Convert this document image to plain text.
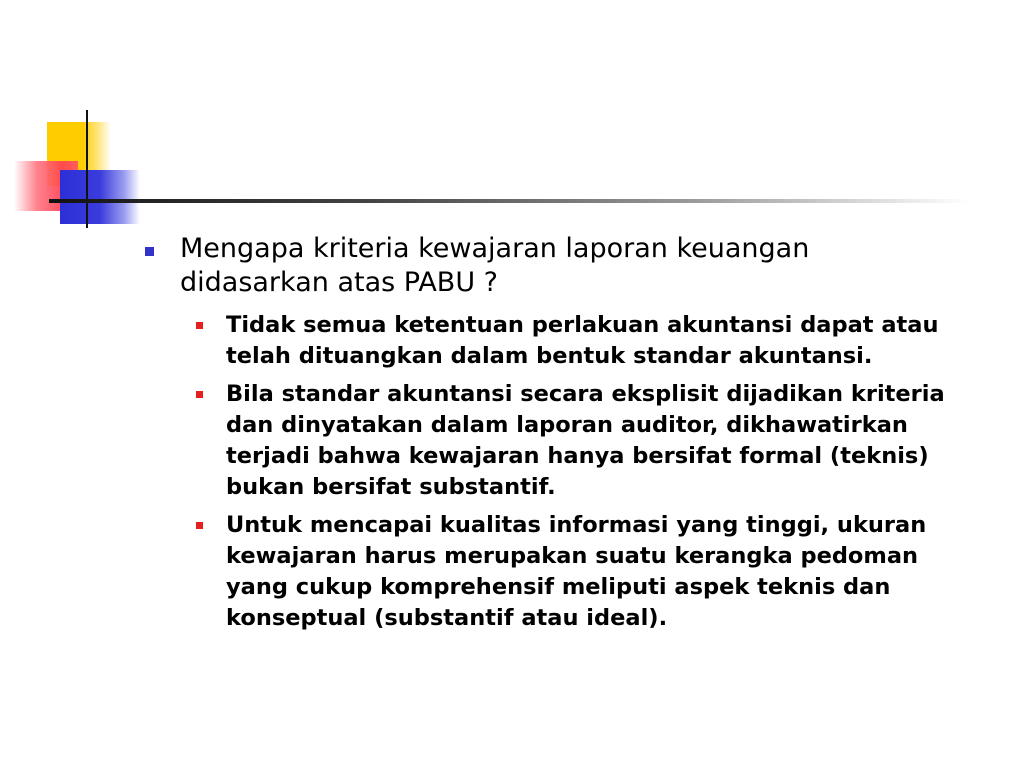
Mengapa kriteria kewajaran laporan keuangan didasarkan atas PABU ?
Tidak semua ketentuan perlakuan akuntansi dapat atau telah dituangkan dalam bentuk standar akuntansi.
Bila standar akuntansi secara eksplisit dijadikan kriteria dan dinyatakan dalam laporan auditor, dikhawatirkan terjadi bahwa kewajaran hanya bersifat formal (teknis) bukan bersifat substantif.
Untuk mencapai kualitas informasi yang tinggi, ukuran kewajaran harus merupakan suatu kerangka pedoman yang cukup komprehensif meliputi aspek teknis dan konseptual (substantif atau ideal).
